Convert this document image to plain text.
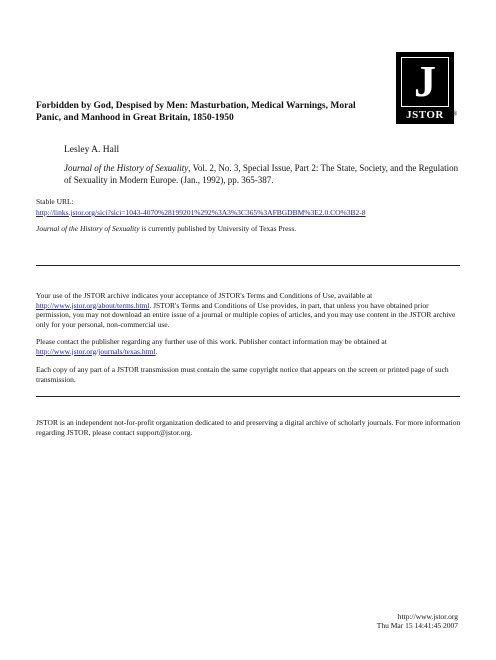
J
JSTOR	®
Forbidden by God, Despised by Men: Masturbation, Medical Warnings, Moral Panic, and Manhood in Great Britain, 1850-1950
Lesley A. Hall
Journal of the History of Sexuality, Vol. 2, No. 3, Special Issue, Part 2: The State, Society, and the Regulation of Sexuality in Modern Europe. (Jan., 1992), pp. 365-387.
Stable URL:
http://links.jstor.org/sici?sici=1043-4070%28199201%292%3A3%3C365%3AFBGDBM%3E2.0.CO%3B2-8
Journal of the History of Sexuality is currently published by University of Texas Press.
Your use of the JSTOR archive indicates your acceptance of JSTOR's Terms and Conditions of Use, available at
http://www.jstor.org/about/terms.html. JSTOR's Terms and Conditions of Use provides, in part, that unless you have obtained prior permission, you may not download an entire issue of a journal or multiple copies of articles, and you may use content in the JSTOR archive only for your personal, non-commercial use.
Please contact the publisher regarding any further use of this work. Publisher contact information may be obtained at
http://www.jstor.org/journals/texas.html.
Each copy of any part of a JSTOR transmission must contain the same copyright notice that appears on the screen or printed page of such transmission.
JSTOR is an independent not-for-profit organization dedicated to and preserving a digital archive of scholarly journals. For more information regarding JSTOR, please contact support@jstor.org.
http://www.jstor.org
Thu Mar 15 14:41:45 2007
